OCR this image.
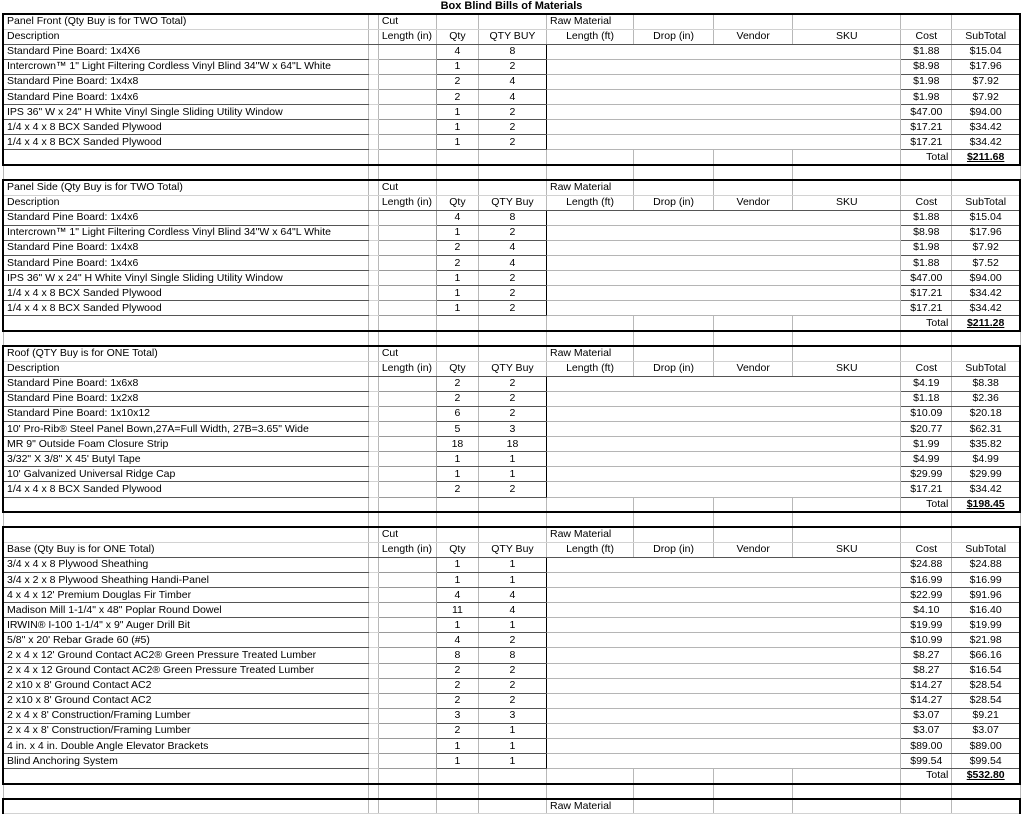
Box Blind Bills of Materials										
Panel Front (Qty Buy is for TWO Total)		Cut			Raw Material					
Description		Length (in)	Qty	QTY BUY	Length (ft)	Drop (in)	Vendor	SKU	Cost	SubTotal
Standard Pine Board: 1x4X6			4	8					$1.88	$15.04
Intercrown™ 1" Light Filtering Cordless Vinyl Blind 34"W x 64"L White			1	2					$8.98	$17.96
Standard Pine Board: 1x4x8			2	4					$1.98	$7.92
Standard Pine Board: 1x4x6			2	4					$1.98	$7.92
IPS 36" W x 24" H White Vinyl Single Sliding Utility Window			1	2					$47.00	$94.00
1/4 x 4 x 8 BCX Sanded Plywood			1	2					$17.21	$34.42
1/4 x 4 x 8 BCX Sanded Plywood			1	2					$17.21	$34.42
									Total	$211.68

Panel Side (Qty Buy is for TWO Total)		Cut			Raw Material					
Description		Length (in)	Qty	QTY Buy	Length (ft)	Drop (in)	Vendor	SKU	Cost	SubTotal
Standard Pine Board: 1x4x6			4	8					$1.88	$15.04
Intercrown™ 1" Light Filtering Cordless Vinyl Blind 34"W x 64"L White			1	2					$8.98	$17.96
Standard Pine Board: 1x4x8			2	4					$1.98	$7.92
Standard Pine Board: 1x4x6			2	4					$1.88	$7.52
IPS 36" W x 24" H White Vinyl Single Sliding Utility Window			1	2					$47.00	$94.00
1/4 x 4 x 8 BCX Sanded Plywood			1	2					$17.21	$34.42
1/4 x 4 x 8 BCX Sanded Plywood			1	2					$17.21	$34.42
									Total	$211.28

Roof (QTY Buy is for ONE Total)		Cut			Raw Material					
Description		Length (in)	Qty	QTY Buy	Length (ft)	Drop (in)	Vendor	SKU	Cost	SubTotal
Standard Pine Board: 1x6x8			2	2					$4.19	$8.38
Standard Pine Board: 1x2x8			2	2					$1.18	$2.36
Standard Pine Board: 1x10x12			6	2					$10.09	$20.18
10' Pro-Rib® Steel Panel Bown,27A=Full Width, 27B=3.65" Wide			5	3					$20.77	$62.31
MR 9" Outside Foam Closure Strip			18	18					$1.99	$35.82
3/32" X 3/8" X 45' Butyl Tape			1	1					$4.99	$4.99
10' Galvanized Universal Ridge Cap			1	1					$29.99	$29.99
1/4 x 4 x 8 BCX Sanded Plywood			2	2					$17.21	$34.42
									Total	$198.45

		Cut			Raw Material					
Base (Qty Buy is for ONE Total)		Length (in)	Qty	QTY Buy	Length (ft)	Drop (in)	Vendor	SKU	Cost	SubTotal
3/4 x 4 x 8 Plywood Sheathing			1	1					$24.88	$24.88
3/4 x 2 x 8 Plywood Sheathing Handi-Panel			1	1					$16.99	$16.99
4 x 4 x 12' Premium Douglas Fir Timber			4	4					$22.99	$91.96
Madison Mill 1-1/4" x 48" Poplar Round Dowel			11	4					$4.10	$16.40
IRWIN® I-100 1-1/4" x 9" Auger Drill Bit			1	1					$19.99	$19.99
5/8" x 20' Rebar Grade 60 (#5)			4	2					$10.99	$21.98
2 x 4 x 12' Ground Contact AC2® Green Pressure Treated Lumber			8	8					$8.27	$66.16
2 x 4 x 12 Ground Contact AC2® Green Pressure Treated Lumber			2	2					$8.27	$16.54
2 x10 x 8' Ground Contact AC2			2	2					$14.27	$28.54
2 x10 x 8' Ground Contact AC2			2	2					$14.27	$28.54
2 x 4 x 8' Construction/Framing Lumber			3	3					$3.07	$9.21
2 x 4 x 8' Construction/Framing Lumber			2	1					$3.07	$3.07
4 in. x 4 in. Double Angle Elevator Brackets			1	1					$89.00	$89.00
Blind Anchoring System			1	1					$99.54	$99.54
									Total	$532.80

					Raw Material					
